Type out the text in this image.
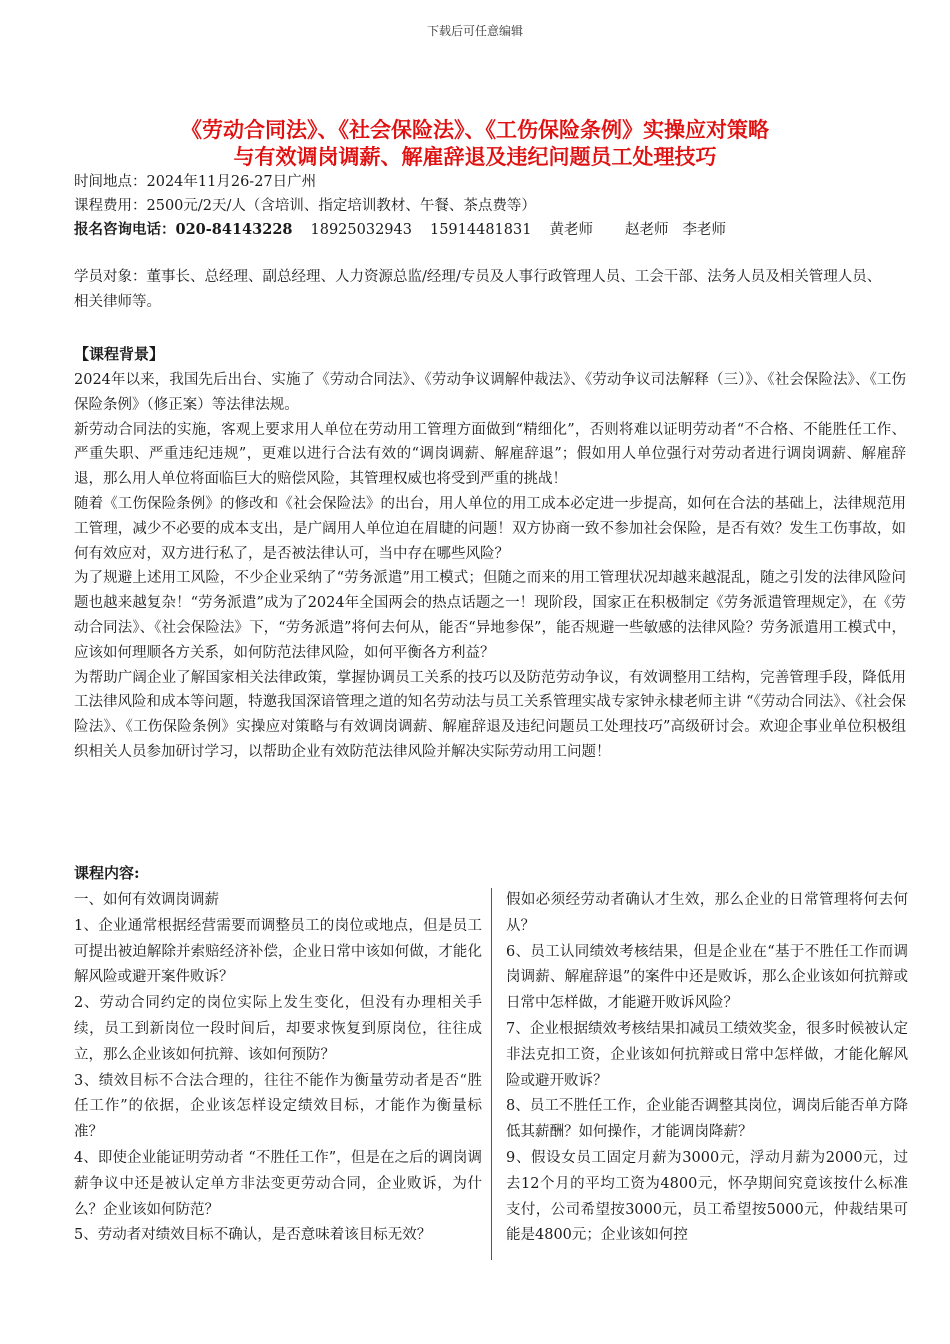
下载后可任意编辑
《劳动合同法》、《社会保险法》、《工伤保险条例》实操应对策略
与有效调岗调薪、解雇辞退及违纪问题员工处理技巧
时间地点：2024年11月26-27日广州
课程费用：2500元/2天/人（含培训、指定培训教材、午餐、茶点费等）
报名咨询电话：020-84143228 18925032943 15914481831 黄老师 赵老师 李老师
学员对象：董事长、总经理、副总经理、人力资源总监/经理/专员及人事行政管理人员、工会干部、法务人员及相关管理人员、相关律师等。
【课程背景】

2024年以来，我国先后出台、实施了《劳动合同法》、《劳动争议调解仲裁法》、《劳动争议司法解释（三）》、《社会保险法》、《工伤保险条例》（修正案）等法律法规。

新劳动合同法的实施，客观上要求用人单位在劳动用工管理方面做到“精细化”，否则将难以证明劳动者“不合格、不能胜任工作、严重失职、严重违纪违规”，更难以进行合法有效的“调岗调薪、解雇辞退”；假如用人单位强行对劳动者进行调岗调薪、解雇辞退，那么用人单位将面临巨大的赔偿风险，其管理权威也将受到严重的挑战！

随着《工伤保险条例》的修改和《社会保险法》的出台，用人单位的用工成本必定进一步提高，如何在合法的基础上，法律规范用工管理，减少不必要的成本支出，是广阔用人单位迫在眉睫的问题！双方协商一致不参加社会保险，是否有效？发生工伤事故，如何有效应对，双方进行私了，是否被法律认可，当中存在哪些风险？

为了规避上述用工风险，不少企业采纳了“劳务派遣”用工模式；但随之而来的用工管理状况却越来越混乱，随之引发的法律风险问题也越来越复杂！“劳务派遣”成为了2024年全国两会的热点话题之一！现阶段，国家正在积极制定《劳务派遣管理规定》，在《劳动合同法》、《社会保险法》下，“劳务派遣”将何去何从，能否“异地参保”，能否规避一些敏感的法律风险？劳务派遣用工模式中，应该如何理顺各方关系，如何防范法律风险，如何平衡各方利益？

为帮助广阔企业了解国家相关法律政策，掌握协调员工关系的技巧以及防范劳动争议，有效调整用工结构，完善管理手段，降低用工法律风险和成本等问题，特邀我国深谙管理之道的知名劳动法与员工关系管理实战专家钟永棣老师主讲 “《劳动合同法》、《社会保险法》、《工伤保险条例》实操应对策略与有效调岗调薪、解雇辞退及违纪问题员工处理技巧”高级研讨会。欢迎企事业单位积极组织相关人员参加研讨学习，以帮助企业有效防范法律风险并解决实际劳动用工问题！

课程内容:

一、如何有效调岗调薪

1、企业通常根据经营需要而调整员工的岗位或地点，但是员工可提出被迫解除并索赔经济补偿，企业日常中该如何做，才能化解风险或避开案件败诉？

2、劳动合同约定的岗位实际上发生变化，但没有办理相关手续，员工到新岗位一段时间后，却要求恢复到原岗位，往往成立，那么企业该如何抗辩、该如何预防？

3、绩效目标不合法合理的，往往不能作为衡量劳动者是否“胜任工作”的依据，企业该怎样设定绩效目标，才能作为衡量标准？

4、即使企业能证明劳动者 “不胜任工作”，但是在之后的调岗调薪争议中还是被认定单方非法变更劳动合同，企业败诉，为什么？企业该如何防范？

5、劳动者对绩效目标不确认，是否意味着该目标无效？

假如必须经劳动者确认才生效，那么企业的日常管理将何去何从？

6、员工认同绩效考核结果，但是企业在“基于不胜任工作而调岗调薪、解雇辞退”的案件中还是败诉，那么企业该如何抗辩或日常中怎样做，才能避开败诉风险？

7、企业根据绩效考核结果扣减员工绩效奖金，很多时候被认定非法克扣工资，企业该如何抗辩或日常中怎样做，才能化解风险或避开败诉？

8、员工不胜任工作，企业能否调整其岗位，调岗后能否单方降低其薪酬？如何操作，才能调岗降薪？

9、假设女员工固定月薪为3000元，浮动月薪为2000元，过去12个月的平均工资为4800元，怀孕期间究竟该按什么标准支付，公司希望按3000元，员工希望按5000元，仲裁结果可能是4800元；企业该如何控
